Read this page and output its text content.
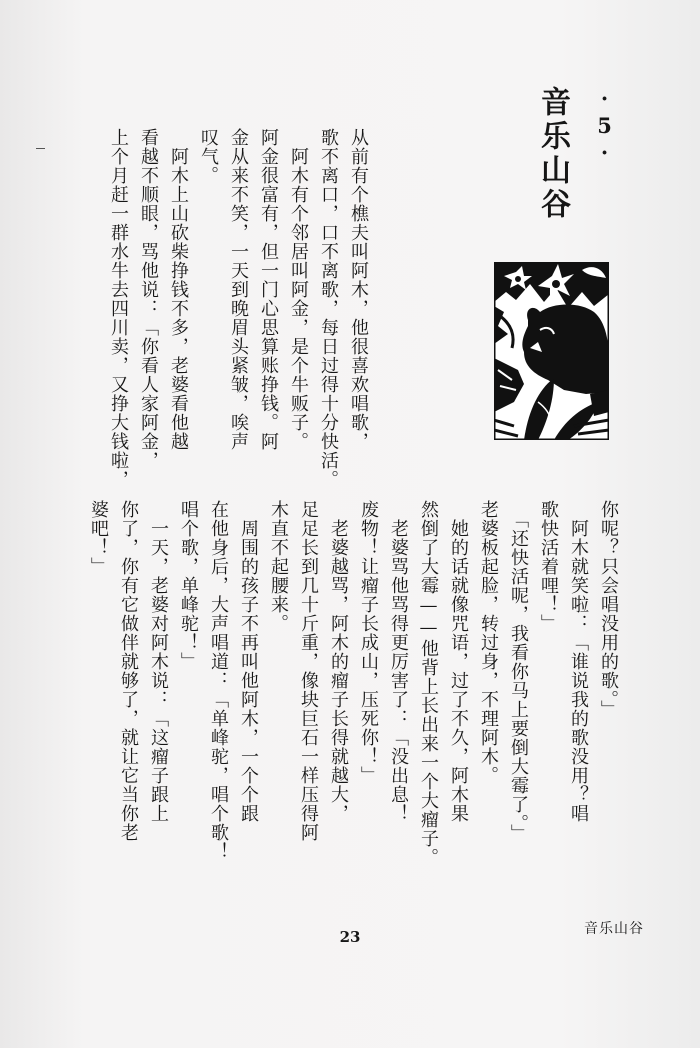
·5·
音乐山谷

从前有个樵夫叫阿木，他很喜欢唱歌，

歌不离口，口不离歌，每日过得十分快活。

　阿木有个邻居叫阿金，是个牛贩子。

阿金很富有，但一门心思算账挣钱。阿

金从来不笑，一天到晚眉头紧皱，唉声

叹气。

　阿木上山砍柴挣钱不多，老婆看他越

看越不顺眼，骂他说：「你看人家阿金，

上个月赶一群水牛去四川卖，又挣大钱啦，

你呢？只会唱没用的歌。」

　阿木就笑啦：「谁说我的歌没用？唱

歌快活着哩！」

　「还快活呢，我看你马上要倒大霉了。」

老婆板起脸，转过身，不理阿木。

　她的话就像咒语，过了不久，阿木果

然倒了大霉——他背上长出来一个大瘤子。

　老婆骂他骂得更厉害了：「没出息！

废物！让瘤子长成山，压死你！」

　老婆越骂，阿木的瘤子长得就越大，

足足长到几十斤重，像块巨石一样压得阿

木直不起腰来。

　周围的孩子不再叫他阿木，一个个跟

在他身后，大声唱道：「单峰驼，唱个歌！

唱个歌，单峰驼！」

　一天，老婆对阿木说：「这瘤子跟上

你了，你有它做伴就够了，就让它当你老

婆吧！」

23	音乐山谷
